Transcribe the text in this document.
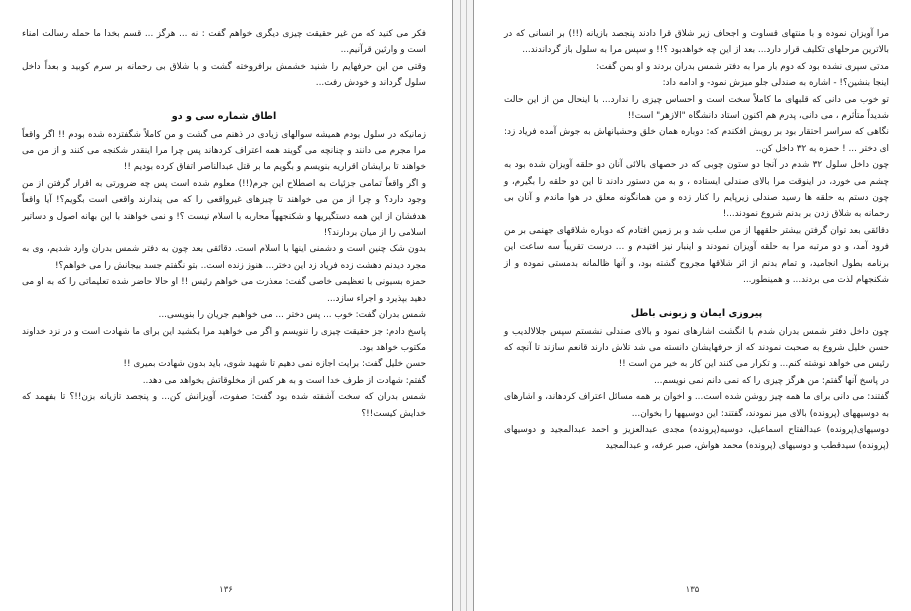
فکر می کنید که من غیر حقیقت چیزی دیگری خواهم گفت : نه ... هرگز ... قسم بخدا ما حمله رسالت امناء است و وارثین قرآنیم...

وقتی من این حرفهایم را شنید خشمش برافروخته گشت و با شلاق بی رحمانه بر سرم کوبید و بعداً داخل سلول گرداند و خودش رفت...

اطاق شماره سی و دو

زمانیکه در سلول بودم همیشه سوالهای زیادی در ذهنم می گشت و من کاملاً شگفتزده شده بودم !! اگر واقعاً مرا مجرم می دانند و چنانچه می گویند همه اعتراف کردهاند پس چرا مرا اینقدر شکنجه می کنند و از من می خواهند تا برایشان اقراریه بنویسم و بگویم ما بر قتل عبدالناصر اتفاق کرده بودیم !!

و اگر واقعاً تمامی جزئیات به اصطلاح این جرم(!!) معلوم شده است پس چه ضرورتی به اقرار گرفتن از من وجود دارد؟ و چرا از من می خواهند تا چیزهای غیرواقعی را که می پندارند واقعی است بگویم؟! آیا واقعاً هدفشان از این همه دستگیریها و شکنجههاً محاربه با اسلام نیست ؟! و نمی خواهند با این بهانه اصول و دساتیر اسلامی را از میان بردارند؟!

بدون شک چنین است و دشمنی اینها با اسلام است. دقائقی بعد چون به دفتر شمس بدران وارد شدیم، وی به مجرد دیدنم دهشت زده فریاد زد این دختر... هنوز زنده است.. بتو نگفتم جسد بیجانش را می خواهم؟!

حمزه بسیونی با تعظیمی خاصی گفت: معذرت می خواهم رئیس !! او حالا حاضر شده تعلیماتی را که به او می دهید بپذیرد و اجراء سازد...

شمس بدران گفت: خوب ... پس دختر ... می خواهیم جریان را بنویسی...

پاسخ دادم: جز حقیقت چیزی را ننویسم و اگر می خواهید مرا بکشید این برای ما شهادت است و در نزد خداوند مکتوب خواهد بود.

حسن خلیل گفت: برایت اجازه نمی دهیم تا شهید شوی، باید بدون شهادت بمیری !!

گفتم: شهادت از طرف خدا است و به هر کس از مخلوقاتش بخواهد می دهد..

شمس بدران که سخت آشفته شده بود گفت: صفوت، آویزانش کن... و پنجصد تازیانه بزن!!؟ تا بفهمد که خدایش کیست!!؟

۱۳۶

مرا آویزان نموده و با منتهای قساوت و اجحاف زیر شلاق قرا دادند پنجصد بازیانه (!!) بر انسانی که در بالاترین مرحلهای تکلیف قرار دارد... بعد از این چه خواهدبود ؟!! و سپس مرا به سلول باز گرداندند...

مدتی سپری نشده بود که دوم بار مرا به دفتر شمس بدران بردند و او بمن گفت:

اینجا بنشین؟! - اشاره به صندلی جلو میزش نمود- و ادامه داد:

تو خوب می دانی که قلبهای ما کاملاً سخت است و احساس چیزی را ندارد... با اینحال من از این حالت شدیداً متأثرم ، می دانی، پدرم هم اکنون استاد دانشگاه "الازهر" است!!

نگاهی که سراسر احتقار بود بر رویش افکندم که: دوباره همان خلق وحشیانهاش به جوش آمده فریاد زد: ای دختر ... ! حمزه به ۳۲ داخل کن..

چون داخل سلول ۳۲ شدم در آنجا دو ستون چوبی که در حصهای بالائی آنان دو حلقه آویزان شده بود به چشم می خورد، در اینوقت مرا بالای صندلی ایستاده ، و به من دستور دادند تا این دو حلقه را بگیرم، و چون دستم به حلقه ها رسید صندلی زیرپایم را کنار زده و من همانگونه معلق در هوا ماندم و آنان بی رحمانه به شلاق زدن بر بدنم شروع نمودند...!

دقائقی بعد توان گرفتن بیشتر حلقهها از من سلب شد و بر زمین افتادم که دوباره شلاقهای جهنمی بر من فرود آمد، و دو مرتبه مرا به حلقه آویزان نمودند و اینبار نیز افتیدم و ... درست تقریباً سه ساعت این برنامه بطول انجامید، و تمام بدنم از اثر شلاقها مجروح گشته بود، و آنها ظالمانه بدمستی نموده و از شکنجهام لذت می بردند... و همینطور...

پیروزی ایمان و زبونی باطل

چون داخل دفتر شمس بدران شدم با انگشت اشارهای نمود و بالای صندلی نشستم سپس جلالالدیب و حسن خلیل شروع به صحبت نمودند که از حرفهایشان دانسته می شد تلاش دارند قانعم سازند تا آنچه که رئیس می خواهد نوشته کنم... و تکرار می کنند این کار به خیر من است !!

در پاسخ آنها گفتم: من هرگز چیزی را که نمی دانم نمی نویسم...

گفتند: می دانی برای ما همه چیز روشن شده است... و اخوان بر همه مسائل اعتراف کردهاند، و اشارهای به دوسیههای (پرونده) بالای میز نمودند، گفتند: این دوسیهها را بخوان...

دوسیهای(پرونده) عبدالفتاح اسماعیل، دوسیه(پرونده) مجدی عبدالعزیز و احمد عبدالمجید و دوسیهای (پرونده) سیدقطب و دوسیهای (پرونده) محمد هواش، صبر عرفه، و عبدالمجید

۱۳۵
